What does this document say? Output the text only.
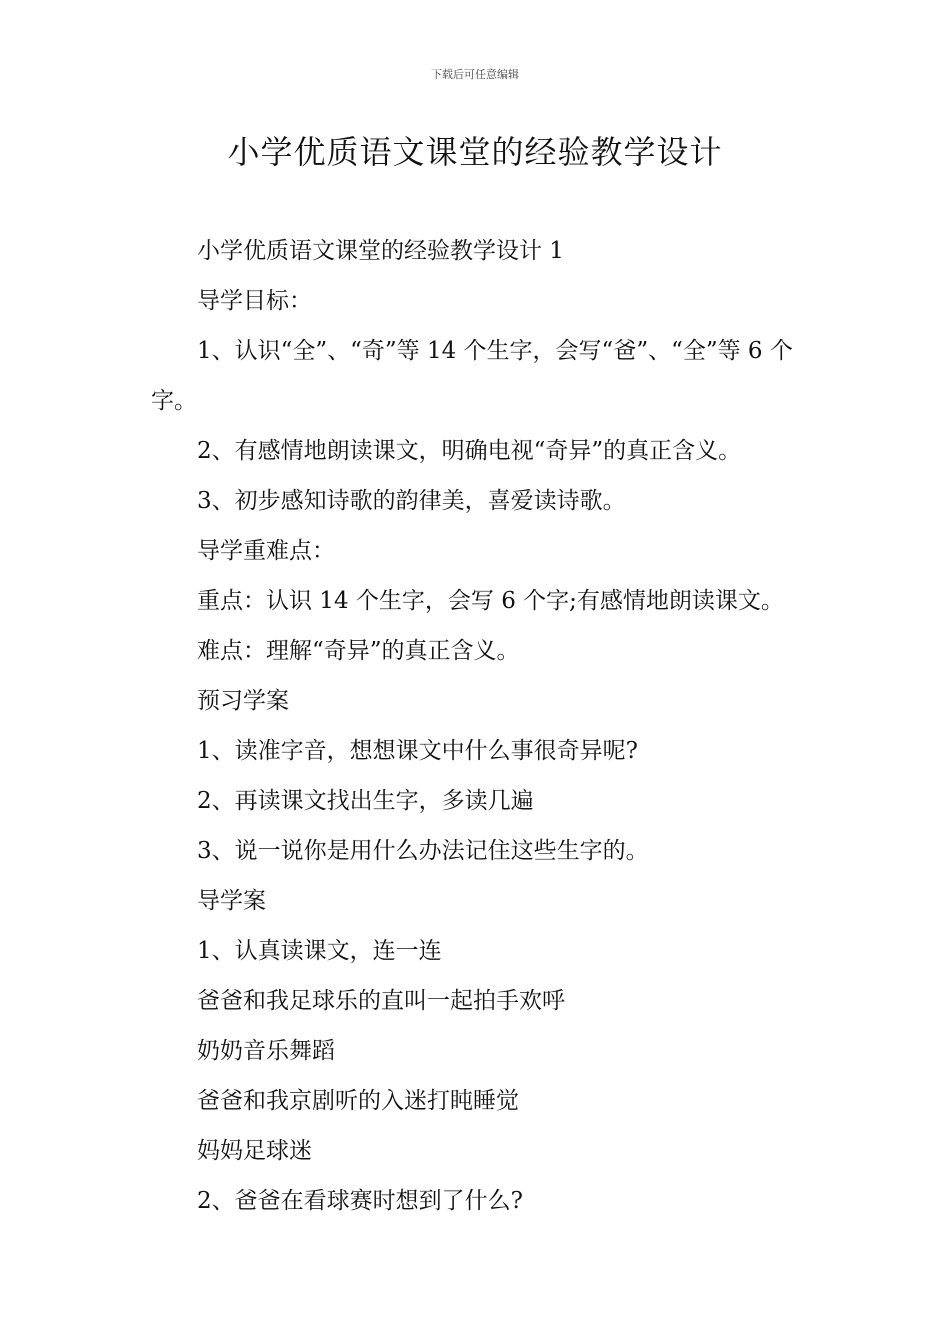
下载后可任意编辑
小学优质语文课堂的经验教学设计

小学优质语文课堂的经验教学设计 1

导学目标：

1、认识“全”、“奇”等 14 个生字，会写“爸”、“全”等 6 个字。

2、有感情地朗读课文，明确电视“奇异”的真正含义。

3、初步感知诗歌的韵律美，喜爱读诗歌。

导学重难点：

重点：认识 14 个生字，会写 6 个字;有感情地朗读课文。

难点：理解“奇异”的真正含义。

预习学案

1、读准字音，想想课文中什么事很奇异呢?

2、再读课文找出生字，多读几遍

3、说一说你是用什么办法记住这些生字的。

导学案

1、认真读课文，连一连

爸爸和我足球乐的直叫一起拍手欢呼

奶奶音乐舞蹈

爸爸和我京剧听的入迷打盹睡觉

妈妈足球迷

2、爸爸在看球赛时想到了什么?
